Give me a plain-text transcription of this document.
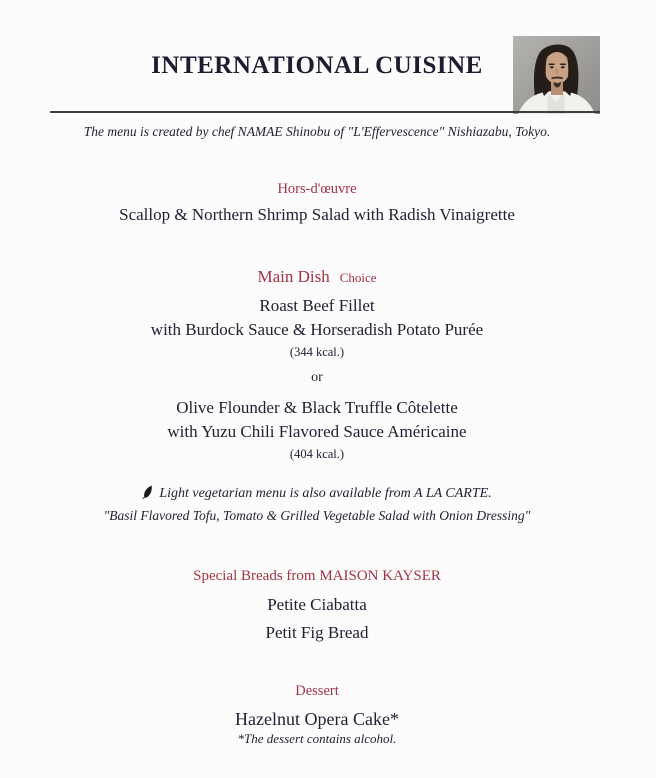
INTERNATIONAL CUISINE
The menu is created by chef NAMAE Shinobu of "L'Effervescence" Nishiazabu, Tokyo.
Hors-d'œuvre
Scallop & Northern Shrimp Salad with Radish Vinaigrette
Main Dish Choice
Roast Beef Fillet
with Burdock Sauce & Horseradish Potato Purée
(344 kcal.)
or
Olive Flounder & Black Truffle Côtelette
with Yuzu Chili Flavored Sauce Américaine
(404 kcal.)
Light vegetarian menu is also available from A LA CARTE.
"Basil Flavored Tofu, Tomato & Grilled Vegetable Salad with Onion Dressing"
Special Breads from MAISON KAYSER
Petite Ciabatta
Petit Fig Bread
Dessert
Hazelnut Opera Cake*
*The dessert contains alcohol.
